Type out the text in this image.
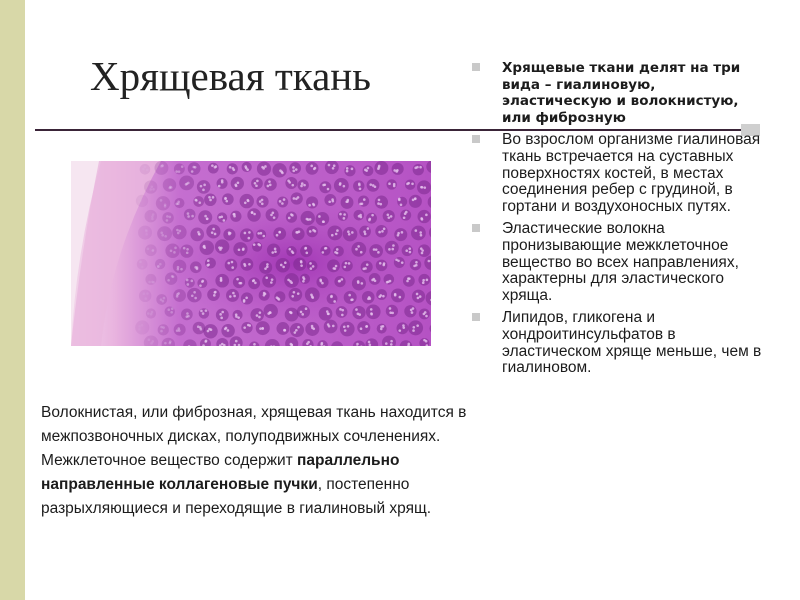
Хрящевая ткань	Хрящевые ткани делят на три вида – гиалиновую, эластическую и волокнистую, или фиброзную
Во взрослом организме гиалиновая ткань встречается на суставных поверхностях костей, в местах соединения ребер с грудиной, в гортани и воздухоносных путях.
Эластические волокна пронизывающие межклеточное вещество во всех направлениях, характерны для эластического хряща.
Липидов, гликогена и хондроитинсульфатов в эластическом хряще меньше, чем в гиалиновом.

Волокнистая, или фиброзная, хрящевая ткань находится в межпозвоночных дисках, полуподвижных сочленениях. Межклеточное вещество содержит параллельно направленные коллагеновые пучки, постепенно разрыхляющиеся и переходящие в гиалиновый хрящ.
